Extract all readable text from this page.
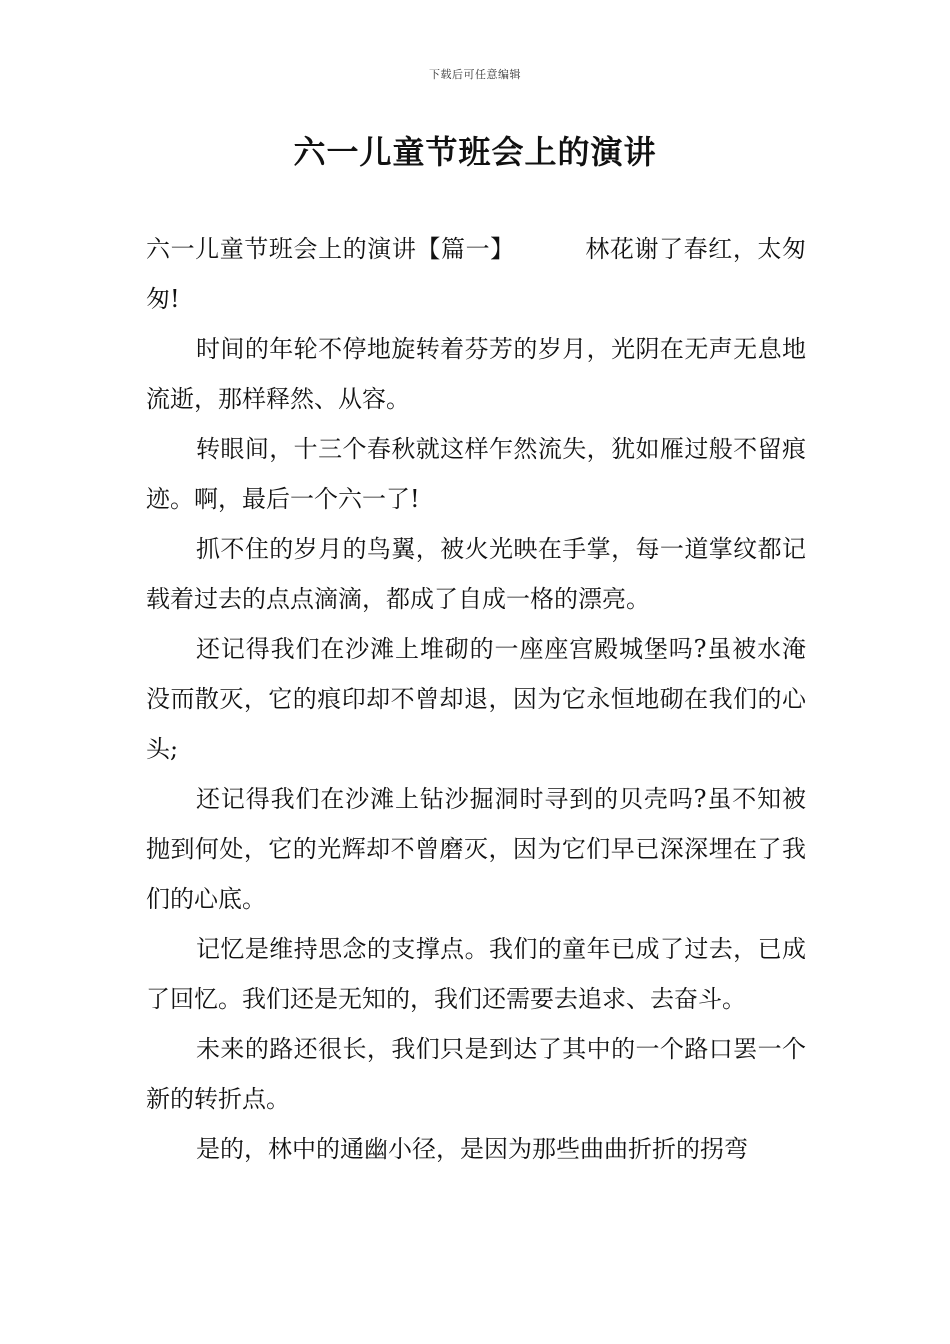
下载后可任意编辑
六一儿童节班会上的演讲

六一儿童节班会上的演讲【篇一】	林花谢了春红，太匆匆!

时间的年轮不停地旋转着芬芳的岁月，光阴在无声无息地流逝，那样释然、从容。

转眼间，十三个春秋就这样乍然流失，犹如雁过般不留痕迹。啊，最后一个六一了!

抓不住的岁月的鸟翼，被火光映在手掌，每一道掌纹都记载着过去的点点滴滴，都成了自成一格的漂亮。

还记得我们在沙滩上堆砌的一座座宫殿城堡吗?虽被水淹没而散灭，它的痕印却不曾却退，因为它永恒地砌在我们的心头;

还记得我们在沙滩上钻沙掘洞时寻到的贝壳吗?虽不知被抛到何处，它的光辉却不曾磨灭，因为它们早已深深埋在了我们的心底。

记忆是维持思念的支撑点。我们的童年已成了过去，已成了回忆。我们还是无知的，我们还需要去追求、去奋斗。

未来的路还很长，我们只是到达了其中的一个路口罢一个新的转折点。

是的，林中的通幽小径，是因为那些曲曲折折的拐弯
